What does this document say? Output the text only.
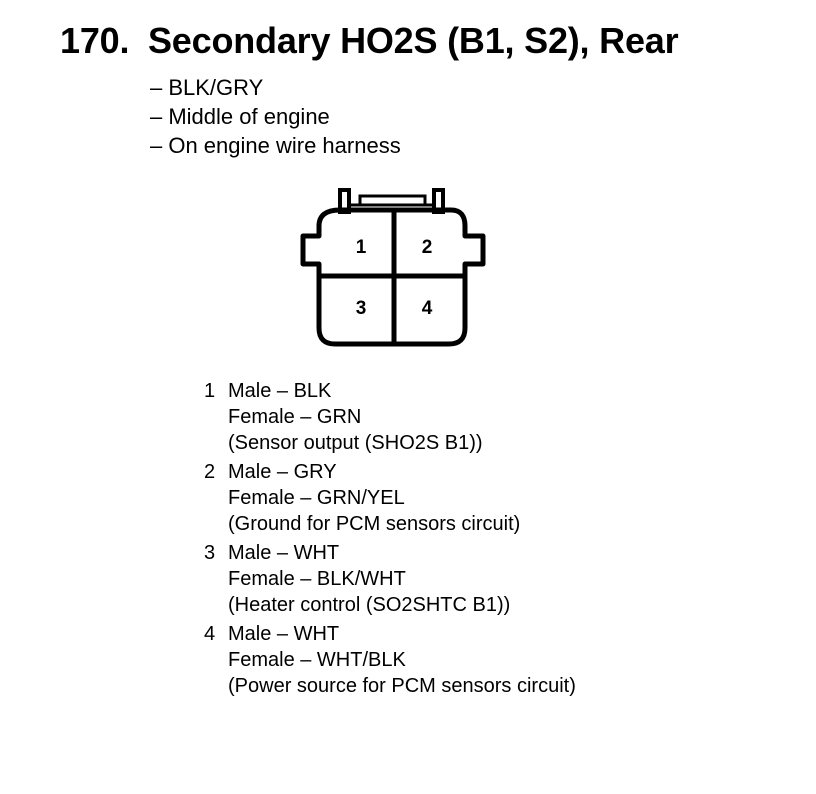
170. Secondary HO2S (B1, S2), Rear
– BLK/GRY
– Middle of engine
– On engine wire harness
1	2
3	4
1 Male – BLK
Female – GRN
(Sensor output (SHO2S B1))
2 Male – GRY
Female – GRN/YEL
(Ground for PCM sensors circuit)
3 Male – WHT
Female – BLK/WHT
(Heater control (SO2SHTC B1))
4 Male – WHT
Female – WHT/BLK
(Power source for PCM sensors circuit)
